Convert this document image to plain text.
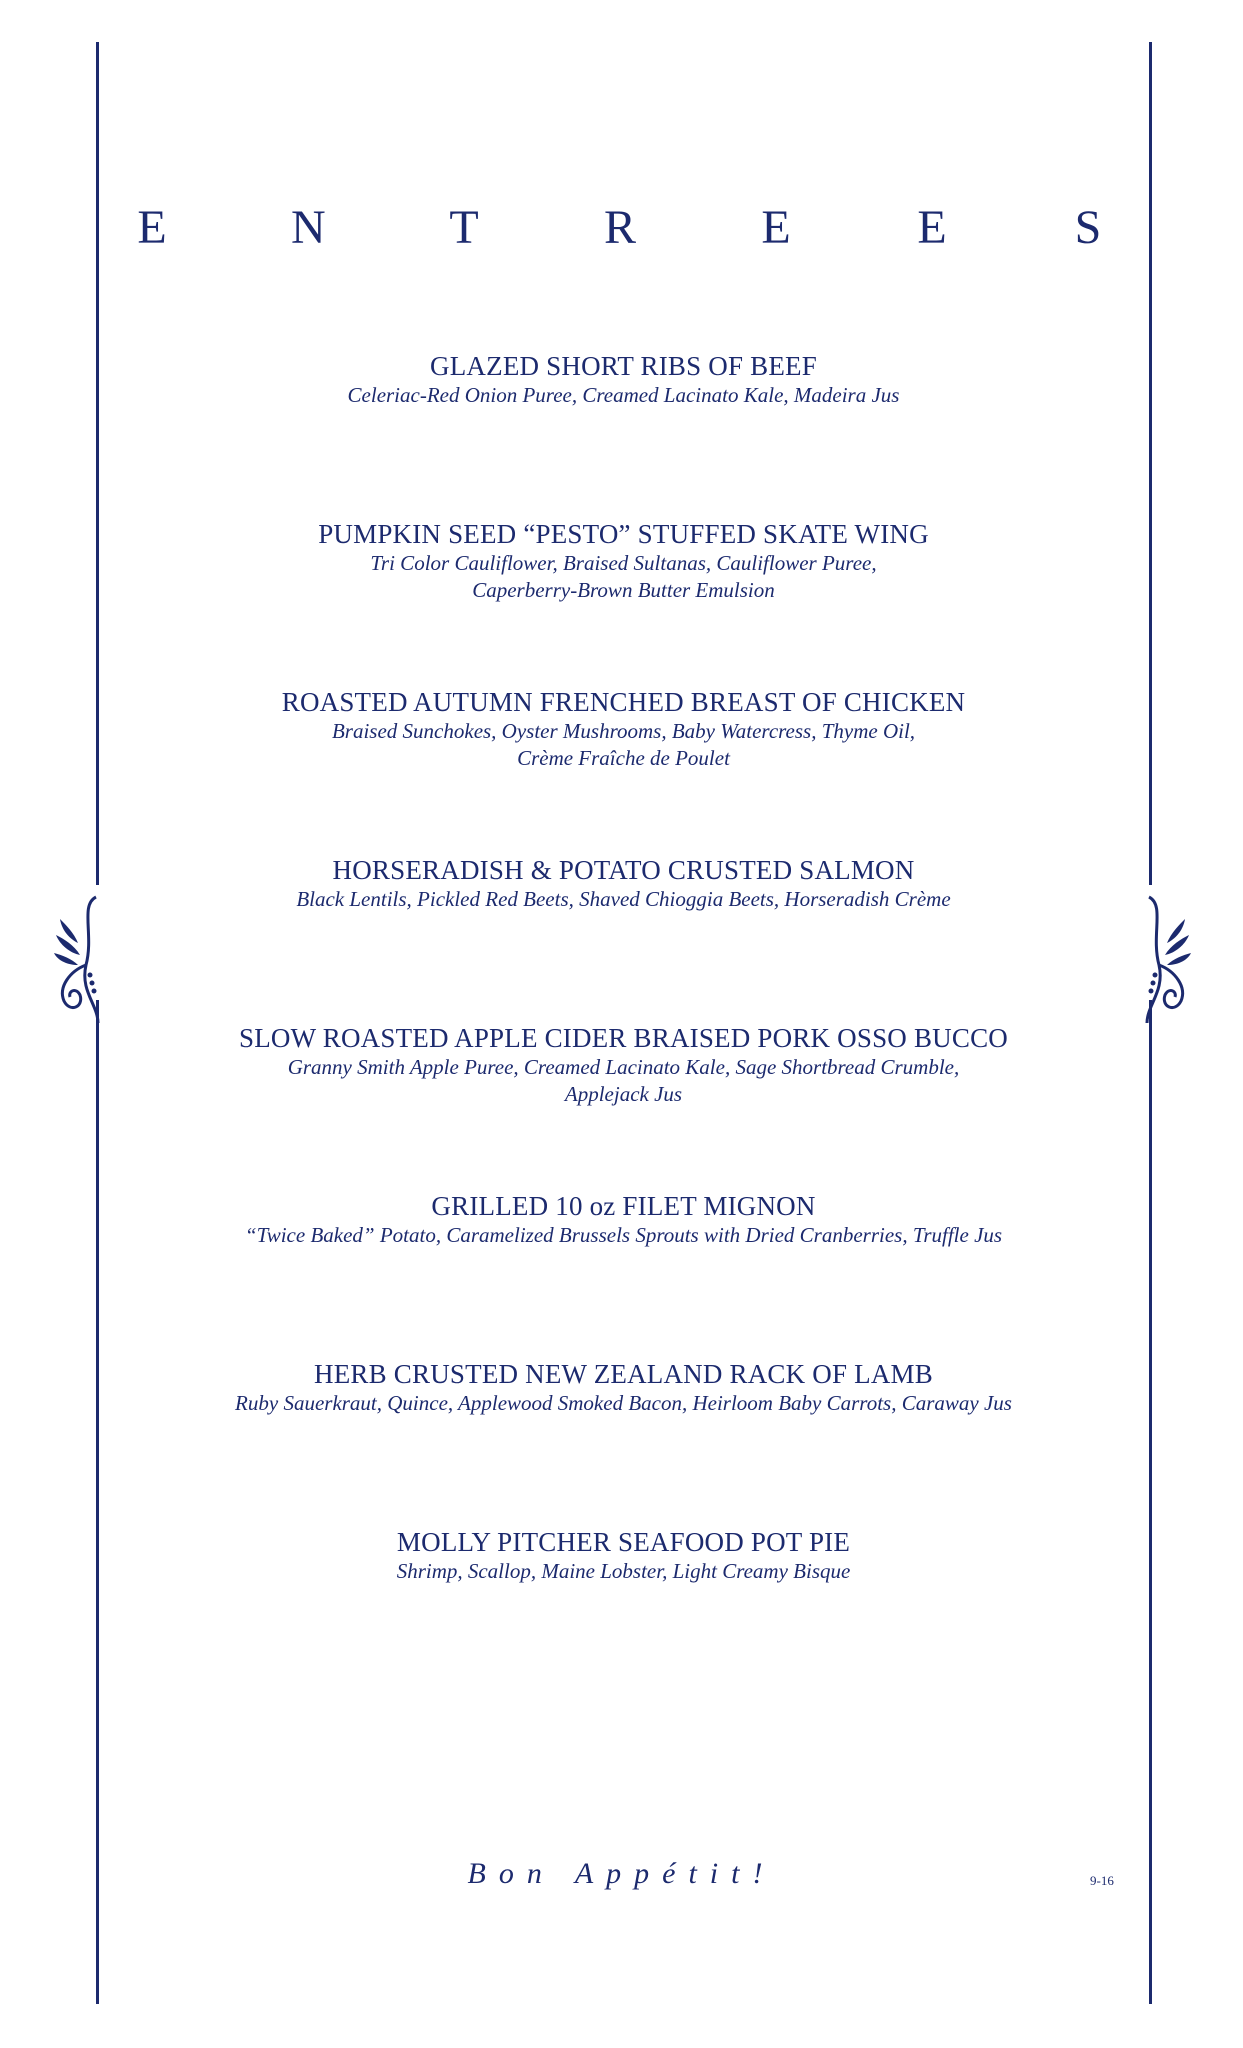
E	N	T	R	E	E	S
GLAZED SHORT RIBS OF BEEF
Celeriac-Red Onion Puree, Creamed Lacinato Kale, Madeira Jus
PUMPKIN SEED “PESTO” STUFFED SKATE WING
Tri Color Cauliflower, Braised Sultanas, Cauliflower Puree,
Caperberry-Brown Butter Emulsion
ROASTED AUTUMN FRENCHED BREAST OF CHICKEN
Braised Sunchokes, Oyster Mushrooms, Baby Watercress, Thyme Oil,
Crème Fraîche de Poulet
HORSERADISH & POTATO CRUSTED SALMON
Black Lentils, Pickled Red Beets, Shaved Chioggia Beets, Horseradish Crème
SLOW ROASTED APPLE CIDER BRAISED PORK OSSO BUCCO
Granny Smith Apple Puree, Creamed Lacinato Kale, Sage Shortbread Crumble,
Applejack Jus
GRILLED 10 oz FILET MIGNON
“Twice Baked” Potato, Caramelized Brussels Sprouts with Dried Cranberries, Truffle Jus
HERB CRUSTED NEW ZEALAND RACK OF LAMB
Ruby Sauerkraut, Quince, Applewood Smoked Bacon, Heirloom Baby Carrots, Caraway Jus
MOLLY PITCHER SEAFOOD POT PIE
Shrimp, Scallop, Maine Lobster, Light Creamy Bisque
Bon Appétit!	9-16
